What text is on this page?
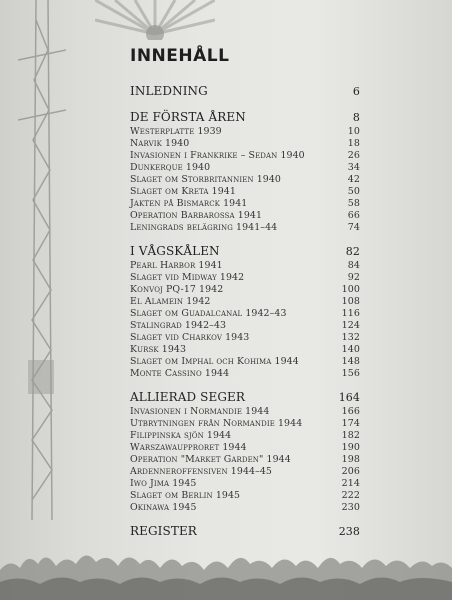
INNEHÅLL
INLEDNING	6
DE FÖRSTA ÅREN	8
Westerplatte 1939	10
Narvik 1940	18
Invasionen i Frankrike – Sedan 1940	26
Dunkerque 1940	34
Slaget om Storbritannien 1940	42
Slaget om Kreta 1941	50
Jakten på Bismarck 1941	58
Operation Barbarossa 1941	66
Leningrads belägring 1941–44	74
I VÅGSKÅLEN	82
Pearl Harbor 1941	84
Slaget vid Midway 1942	92
Konvoj PQ-17 1942	100
El Alamein 1942	108
Slaget om Guadalcanal 1942–43	116
Stalingrad 1942–43	124
Slaget vid Charkov 1943	132
Kursk 1943	140
Slaget om Imphal och Kohima 1944	148
Monte Cassino 1944	156
ALLIERAD SEGER	164
Invasionen i Normandie 1944	166
Utbrytningen från Normandie 1944	174
Filippinska sjön 1944	182
Warszawaupproret 1944	190
Operation "Market Garden" 1944	198
Ardenneroffensiven 1944–45	206
Iwo Jima 1945	214
Slaget om Berlin 1945	222
Okinawa 1945	230
REGISTER	238
